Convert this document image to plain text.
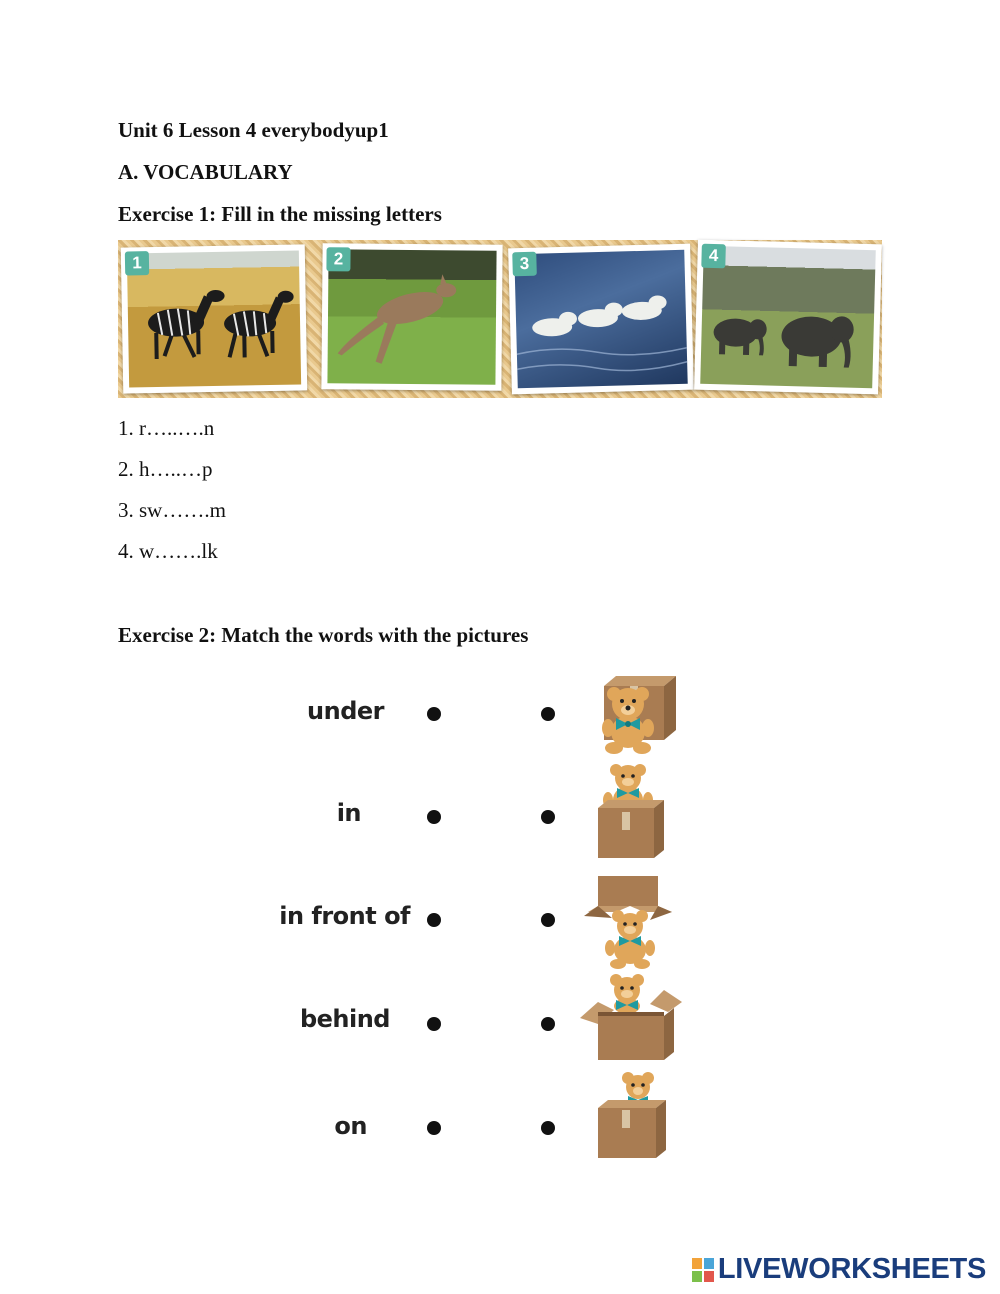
Unit 6 Lesson 4 everybodyup1
A. VOCABULARY
Exercise 1: Fill in the missing letters
1	2	3	4
1. r…..….n
2. h…..…p
3. sw…….m
4. w…….lk
Exercise 2: Match the words with the pictures
under
in
in front of
behind
on
LIVEWORKSHEETS
